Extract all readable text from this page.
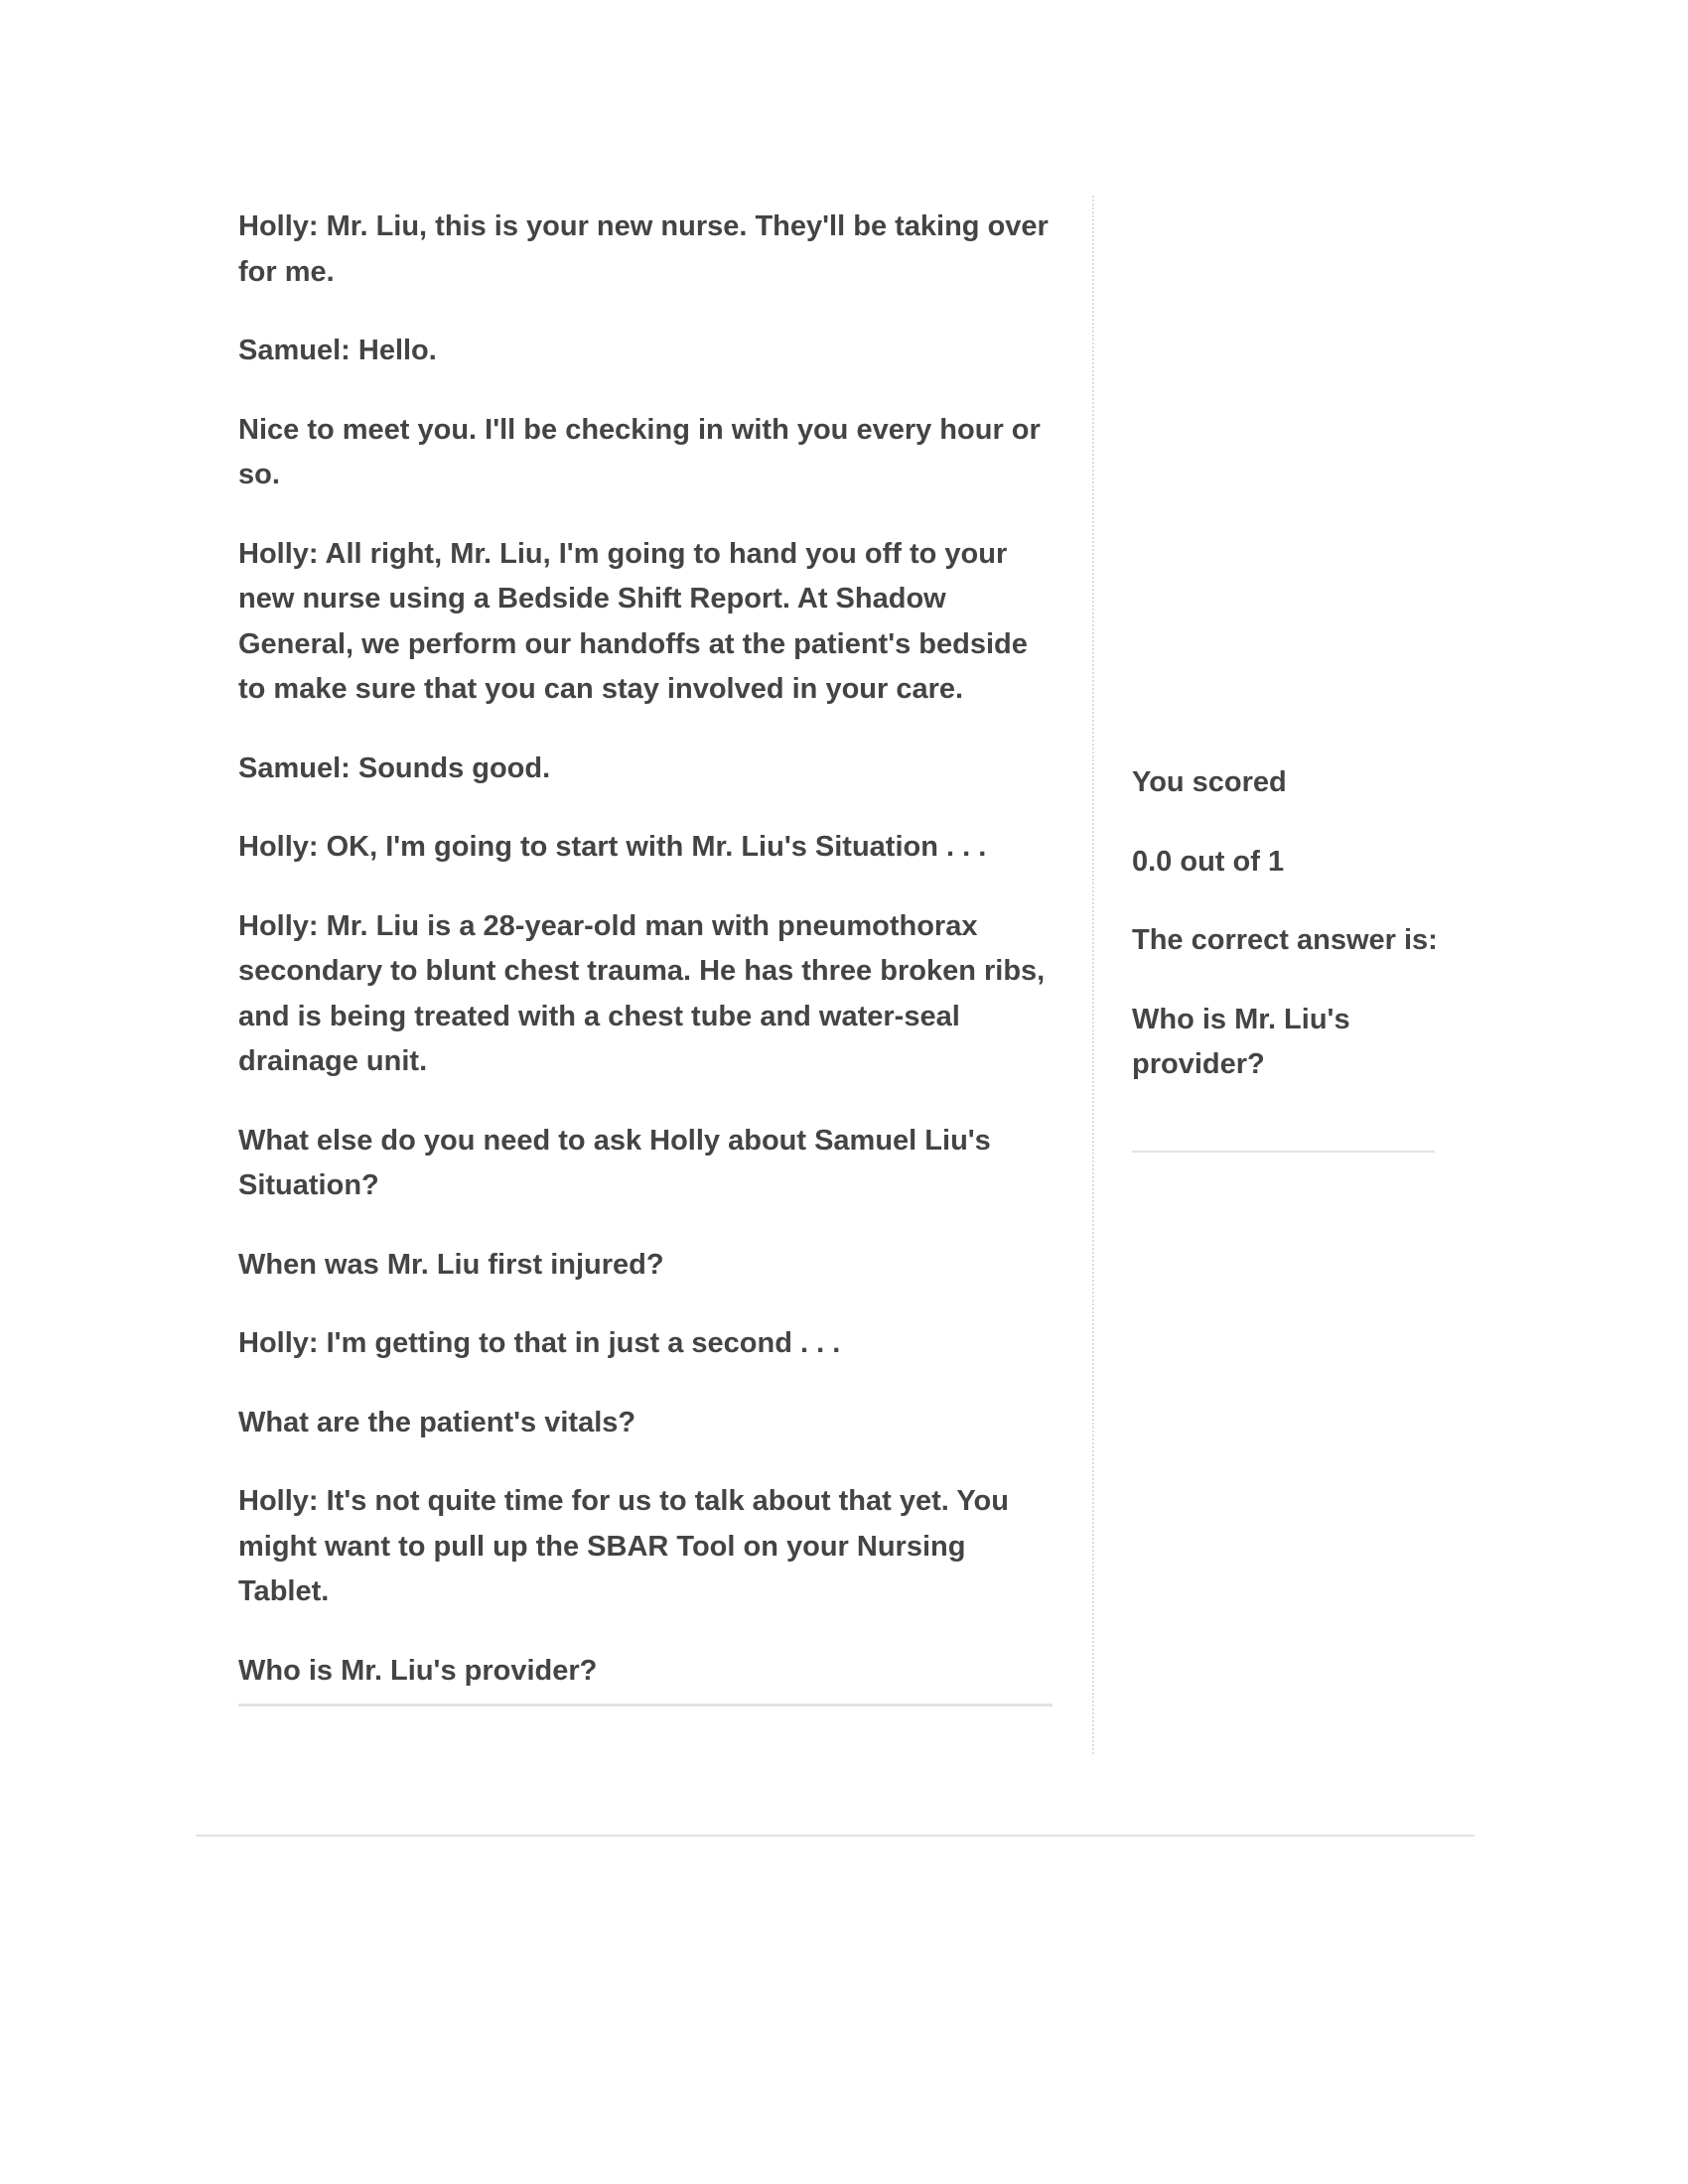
Holly: Mr. Liu, this is your new nurse. They'll be taking over for me.

Samuel: Hello.

Nice to meet you. I'll be checking in with you every hour or so.

Holly: All right, Mr. Liu, I'm going to hand you off to your new nurse using a Bedside Shift Report. At Shadow General, we perform our handoffs at the patient's bedside to make sure that you can stay involved in your care.

Samuel: Sounds good.

Holly: OK, I'm going to start with Mr. Liu's Situation . . .

Holly: Mr. Liu is a 28-year-old man with pneumothorax secondary to blunt chest trauma. He has three broken ribs, and is being treated with a chest tube and water-seal drainage unit.

What else do you need to ask Holly about Samuel Liu's Situation?

When was Mr. Liu first injured?

Holly: I'm getting to that in just a second . . .

What are the patient's vitals?

Holly: It's not quite time for us to talk about that yet. You might want to pull up the SBAR Tool on your Nursing Tablet.

Who is Mr. Liu's provider?

You scored

0.0 out of 1

The correct answer is:

Who is Mr. Liu's provider?
